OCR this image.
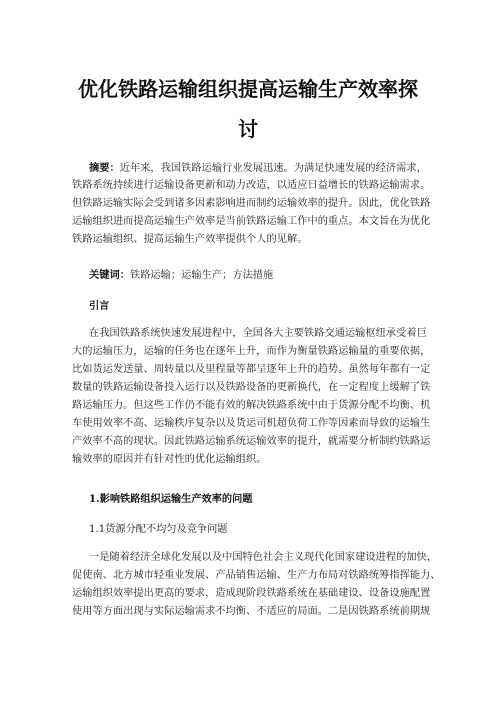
优化铁路运输组织提高运输生产效率探
讨
摘要：近年来，我国铁路运输行业发展迅速。为满足快速发展的经济需求，
铁路系统持续进行运输设备更新和动力改造，以适应日益增长的铁路运输需求。
但铁路运输实际会受到诸多因素影响进而制约运输效率的提升。因此，优化铁路
运输组织进而提高运输生产效率是当前铁路运输工作中的重点。本文旨在为优化
铁路运输组织、提高运输生产效率提供个人的见解。
关键词：铁路运输；运输生产；方法措施
引言
在我国铁路系统快速发展进程中，全国各大主要铁路交通运输枢纽承受着巨
大的运输压力，运输的任务也在逐年上升，而作为衡量铁路运输量的重要依据，
比如货运发送量、周转量以及里程量等都呈逐年上升的趋势。虽然每年都有一定
数量的铁路运输设备投入运行以及铁路设备的更新换代，在一定程度上缓解了铁
路运输压力。但这些工作仍不能有效的解决铁路系统中由于货源分配不均衡、机
车使用效率不高、运输秩序复杂以及货运司机超负荷工作等因素而导致的运输生
产效率不高的现状。因此铁路运输系统运输效率的提升，就需要分析制约铁路运
输效率的原因并有针对性的优化运输组织。
1.影响铁路组织运输生产效率的问题
1.1货源分配不均匀及竞争问题
一是随着经济全球化发展以及中国特色社会主义现代化国家建设进程的加快，
促使南、北方城市轻重业发展、产品销售运输、生产力布局对铁路统筹指挥能力、
运输组织效率提出更高的要求，造成现阶段铁路系统在基础建设、设备设施配置
使用等方面出现与实际运输需求不均衡、不适应的局面。二是因铁路系统前期规
